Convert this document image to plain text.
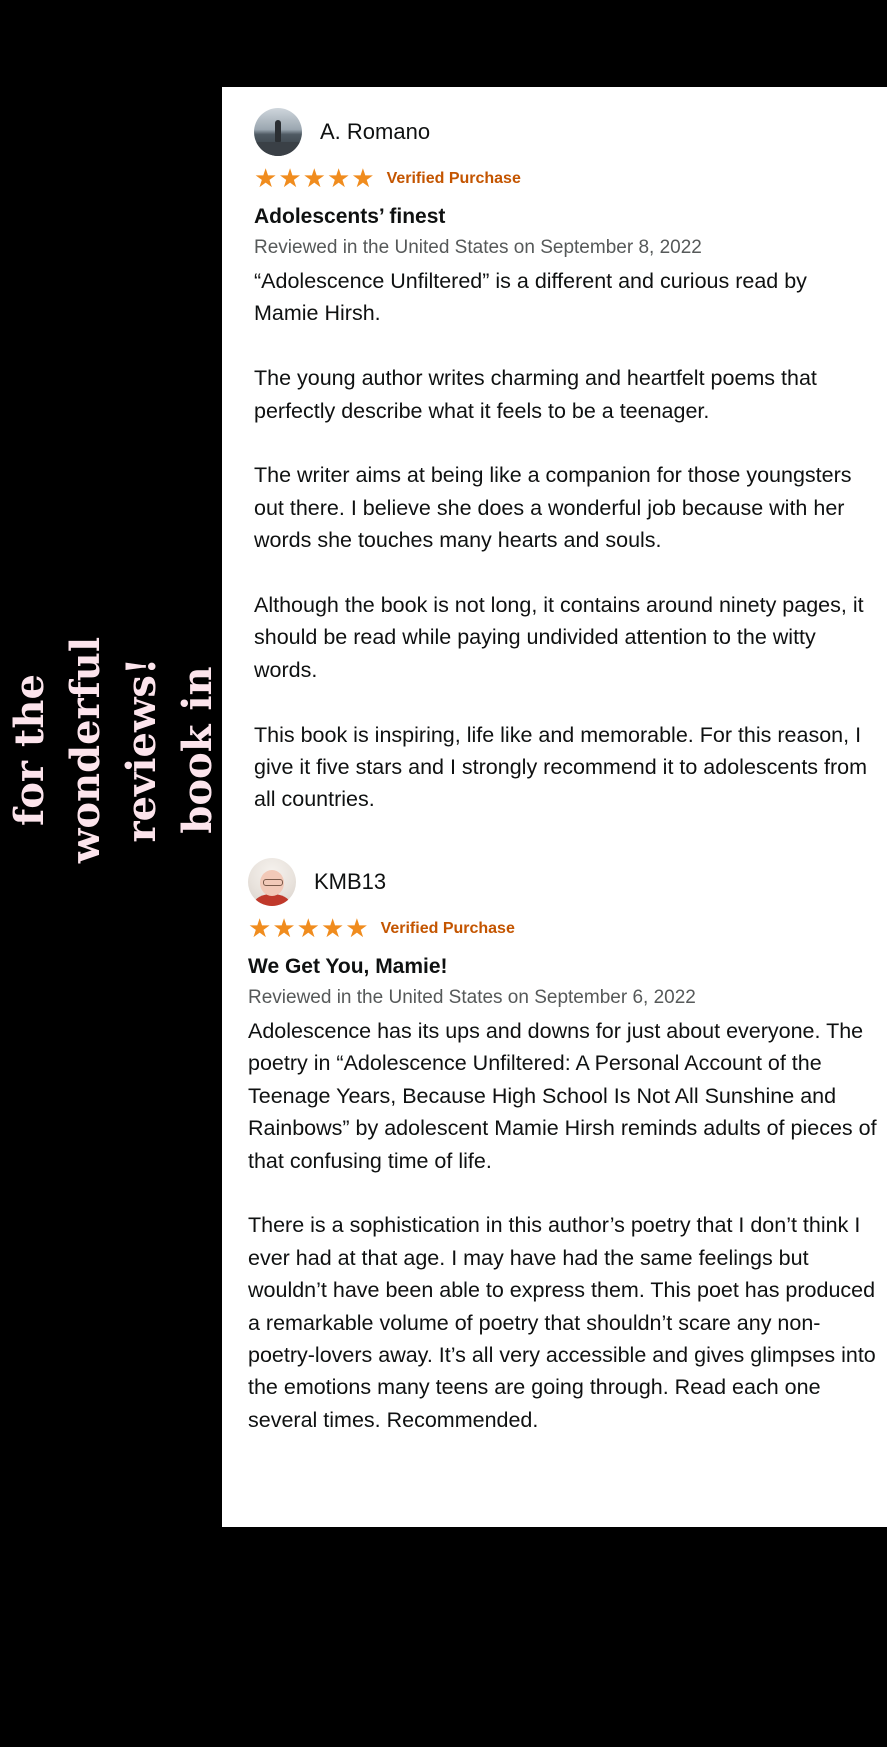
for the wonderful reviews! book in
A. Romano
★ ★ ★ ★ ★ Verified Purchase
Adolescents’ finest
Reviewed in the United States on September 8, 2022

“Adolescence Unfiltered” is a different and curious read by Mamie Hirsh.

The young author writes charming and heartfelt poems that perfectly describe what it feels to be a teenager.

The writer aims at being like a companion for those youngsters out there. I believe she does a wonderful job because with her words she touches many hearts and souls.

Although the book is not long, it contains around ninety pages, it should be read while paying undivided attention to the witty words.

This book is inspiring, life like and memorable. For this reason, I give it five stars and I strongly recommend it to adolescents from all countries.

KMB13
★ ★ ★ ★ ★ Verified Purchase
We Get You, Mamie!
Reviewed in the United States on September 6, 2022

Adolescence has its ups and downs for just about everyone. The poetry in “Adolescence Unfiltered: A Personal Account of the Teenage Years, Because High School Is Not All Sunshine and Rainbows” by adolescent Mamie Hirsh reminds adults of pieces of that confusing time of life.

There is a sophistication in this author’s poetry that I don’t think I ever had at that age. I may have had the same feelings but wouldn’t have been able to express them. This poet has produced a remarkable volume of poetry that shouldn’t scare any non-poetry-lovers away. It’s all very accessible and gives glimpses into the emotions many teens are going through. Read each one several times. Recommended.
